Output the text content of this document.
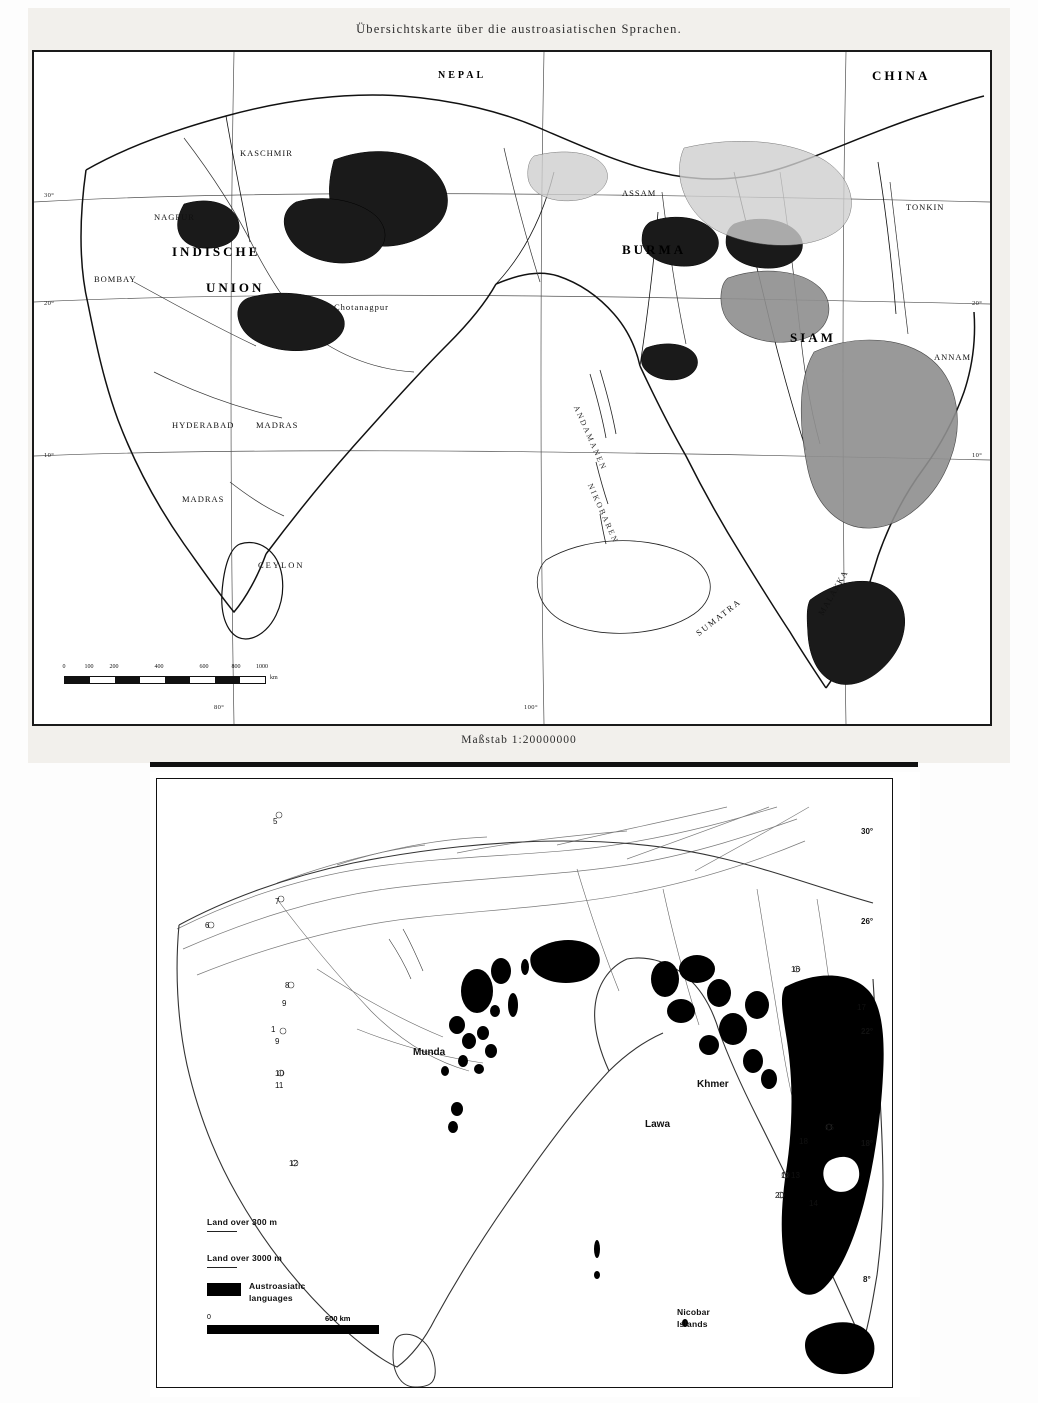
Übersichtskarte über die austroasiatischen Sprachen.
INDISCHE
UNION
NEPAL
BURMA
SIAM
CHINA
CEYLON
SUMATRA
KASCHMIR
NAGPUR
BOMBAY
HYDERABAD	MADRAS
MADRAS
ASSAM
Chotanagpur
TONKIN
ANNAM
MALAKKA
ANDAMANEN
NIKOBAREN
30°
20°
10°
20°
10°
80°	100°
0	100	200	400	600	800	1000
km
Maßstab 1:20000000
Munda
Khmer
Lawa
6
7
8
9
1
9
10
11
12
16
17
15
18
19 13
20
14
5
30°
26°
22°
18°
8°
Land over 300 m
Land over 3000 m
Austroasiatic
languages
Nicobar
Islands
0	600 km
